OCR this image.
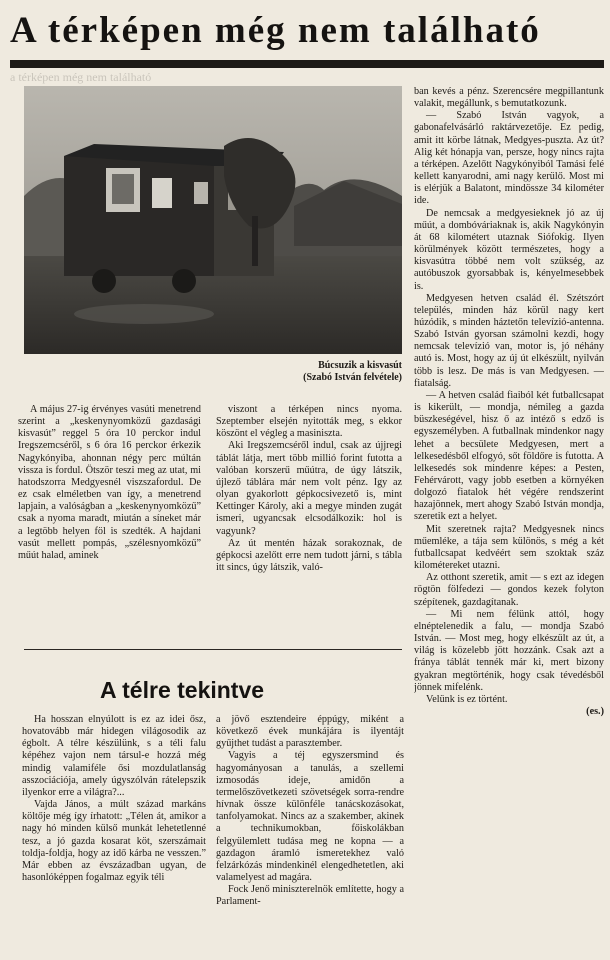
A térképen még nem található
a térképen még nem található
Búcsuzik a kisvasút
(Szabó István felvétele)

A május 27-ig érvényes vasúti menetrend szerint a „keskenynyomközű gazdasági kisvasút” reggel 5 óra 10 perckor indul Iregszemcséről, s 6 óra 16 perckor érkezik Nagykónyiba, ahonnan négy perc múltán vissza is fordul. Ötször teszi meg az utat, mi hatodszorra Medgyesnél viszszafordul. De ez csak elméletben van így, a menetrend lapjain, a valóságban a „keskenynyomközű” csak a nyoma maradt, miután a síneket már a legtöbb helyen föl is szedték. A hajdani vasút mellett pompás, „szélesnyomközű” műút halad, aminek

viszont a térképen nincs nyoma. Szeptember elsején nyitották meg, s ekkor köszönt el végleg a masiniszta.

Aki Iregszemcséről indul, csak az újjregi táblát látja, mert több millió forint futotta a valóban korszerű műútra, de úgy látszik, újlező táblára már nem volt pénz. Igy az olyan gyakorlott gépkocsivezető is, mint Kettinger Károly, aki a megye minden zugát ismeri, ugyancsak elcsodálkozik: hol is vagyunk?

Az út mentén házak sorakoznak, de gépkocsi azelőtt erre nem tudott járni, s tábla itt sincs, úgy látszik, való-

ban kevés a pénz. Szerencsére megpillantunk valakit, megállunk, s bemutatkozunk.

— Szabó István vagyok, a gabonafelvásárló raktárvezetője. Ez pedig, amit itt körbe látnak, Medgyes-puszta. Az út? Alig két hónapja van, persze, hogy nincs rajta a térképen. Azelőtt Nagykónyiból Tamási felé kellett kanyarodni, ami nagy kerülő. Most mi is elérjük a Balatont, mindössze 34 kilométer ide.

De nemcsak a medgyesieknek jó az új műút, a dombóváriaknak is, akik Nagykónyin át 68 kilométert utaznak Siófokig. Ilyen körülmények között természetes, hogy a kisvasútra többé nem volt szükség, az autóbuszok gyorsabbak is, kényelmesebbek is.

Medgyesen hetven család él. Szétszórt település, minden ház körül nagy kert húzódik, s minden háztetőn televízió-antenna. Szabó István gyorsan számolni kezdi, hogy nemcsak televízió van, motor is, jó néhány autó is. Most, hogy az új út elkészült, nyilván több is lesz. De más is van Medgyesen. — fiatalság.

— A hetven család fiaiból két futballcsapat is kikerült, — mondja, némileg a gazda büszkeségével, hisz ő az intéző s edző is egyszemélyben. A futballnak mindenkor nagy lehet a becsülete Medgyesen, mert a lelkesedésből elfogyó, sőt földőre is futotta. A lelkesedés sok mindenre képes: a Pesten, Fehérvárott, vagy jobb esetben a környéken dolgozó fiatalok hét végére rendszerint hazajönnek, mert ahogy Szabó István mondja, szeretik ezt a helyet.

Mit szeretnek rajta? Medgyesnek nincs műemléke, a tája sem különös, s még a két futballcsapat kedvéért sem szoktak száz kilométereket utazni.

Az otthont szeretik, amit — s ezt az idegen rögtön fölfedezi — gondos kezek folyton szépítenek, gazdagítanak.

— Mi nem félünk attól, hogy elnéptelenedik a falu, — mondja Szabó István. — Most meg, hogy elkészült az út, a világ is közelebb jött hozzánk. Csak azt a fránya táblát tennék már ki, mert bizony gyakran megtörténik, hogy csak tévedésből jönnek mifelénk.

Velünk is ez történt.

(es.)
A télre tekintve

Ha hosszan elnyúlott is ez az idei ősz, hovatovább már hidegen világosodik az égbolt. A télre készülünk, s a téli falu képéhez vajon nem társul-e hozzá még mindig valamiféle ősi mozdulatlanság asszociációja, amely úgyszólván rátelepszik ilyenkor erre a világra?...

Vajda János, a múlt század markáns költője még így írhatott: „Télen át, amikor a nagy hó minden külső munkát lehetetlenné tesz, a jó gazda kosarat köt, szerszámait toldja-foldja, hogy az idő kárba ne vesszen.” Már ebben az évszázadban ugyan, de hasonlóképpen fogalmaz egyik téli

a jövő esztendeire éppúgy, miként a következő évek munkájára is ilyentájt gyűjthet tudást a parasztember.

Vagyis a téj egyszersmind és hagyományosan a tanulás, a szellemi izmosodás ideje, amidőn a termelőszövetkezeti szövetségek sorra-rendre hívnak össze különféle tanácskozásokat, tanfolyamokat. Nincs az a szakember, akinek a technikumokban, főiskolákban felgyülemlett tudása meg ne kopna — a gazdagon áramló ismeretekhez való felzárkózás mindenkinél elengedhetetlen, aki valamelyest ad magára.

Fock Jenő miniszterelnök említette, hogy a Parlament-
